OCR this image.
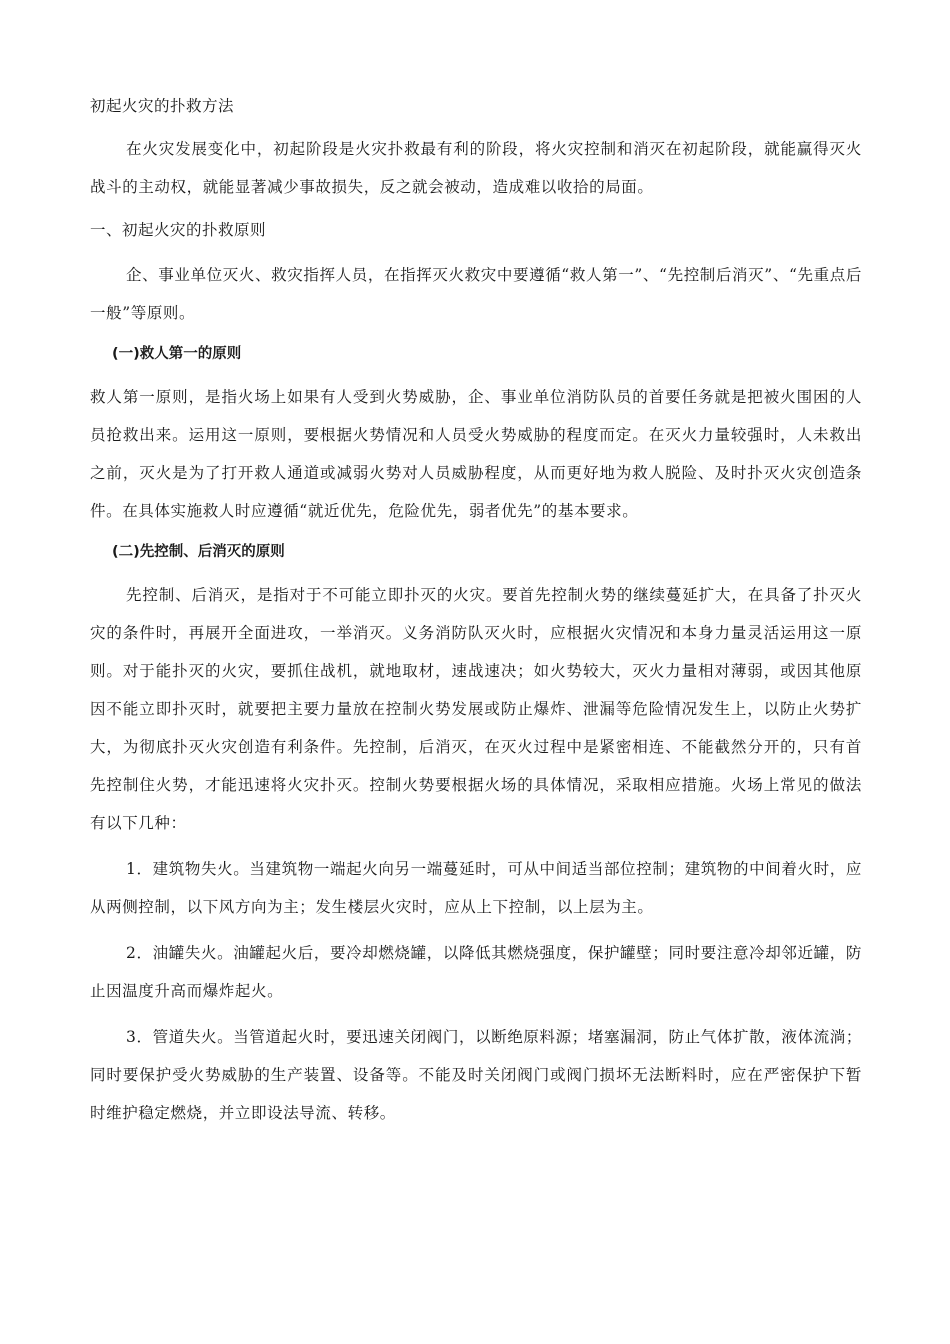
初起火灾的扑救方法

在火灾发展变化中，初起阶段是火灾扑救最有利的阶段，将火灾控制和消灭在初起阶段，就能赢得灭火战斗的主动权，就能显著减少事故损失，反之就会被动，造成难以收拾的局面。

一、初起火灾的扑救原则

企、事业单位灭火、救灾指挥人员，在指挥灭火救灾中要遵循“救人第一”、“先控制后消灭”、“先重点后一般”等原则。

(一)救人第一的原则

救人第一原则，是指火场上如果有人受到火势威胁，企、事业单位消防队员的首要任务就是把被火围困的人员抢救出来。运用这一原则，要根据火势情况和人员受火势威胁的程度而定。在灭火力量较强时，人未救出之前，灭火是为了打开救人通道或减弱火势对人员威胁程度，从而更好地为救人脱险、及时扑灭火灾创造条件。在具体实施救人时应遵循“就近优先，危险优先，弱者优先”的基本要求。

(二)先控制、后消灭的原则

先控制、后消灭，是指对于不可能立即扑灭的火灾。要首先控制火势的继续蔓延扩大，在具备了扑灭火灾的条件时，再展开全面进攻，一举消灭。义务消防队灭火时，应根据火灾情况和本身力量灵活运用这一原则。对于能扑灭的火灾，要抓住战机，就地取材，速战速决；如火势较大，灭火力量相对薄弱，或因其他原因不能立即扑灭时，就要把主要力量放在控制火势发展或防止爆炸、泄漏等危险情况发生上，以防止火势扩大，为彻底扑灭火灾创造有利条件。先控制，后消灭，在灭火过程中是紧密相连、不能截然分开的，只有首先控制住火势，才能迅速将火灾扑灭。控制火势要根据火场的具体情况，采取相应措施。火场上常见的做法有以下几种：

1．建筑物失火。当建筑物一端起火向另一端蔓延时，可从中间适当部位控制；建筑物的中间着火时，应从两侧控制，以下风方向为主；发生楼层火灾时，应从上下控制，以上层为主。

2．油罐失火。油罐起火后，要冷却燃烧罐，以降低其燃烧强度，保护罐壁；同时要注意冷却邻近罐，防止因温度升高而爆炸起火。

3．管道失火。当管道起火时，要迅速关闭阀门，以断绝原料源；堵塞漏洞，防止气体扩散，液体流淌；同时要保护受火势威胁的生产装置、设备等。不能及时关闭阀门或阀门损坏无法断料时，应在严密保护下暂时维护稳定燃烧，并立即设法导流、转移。
